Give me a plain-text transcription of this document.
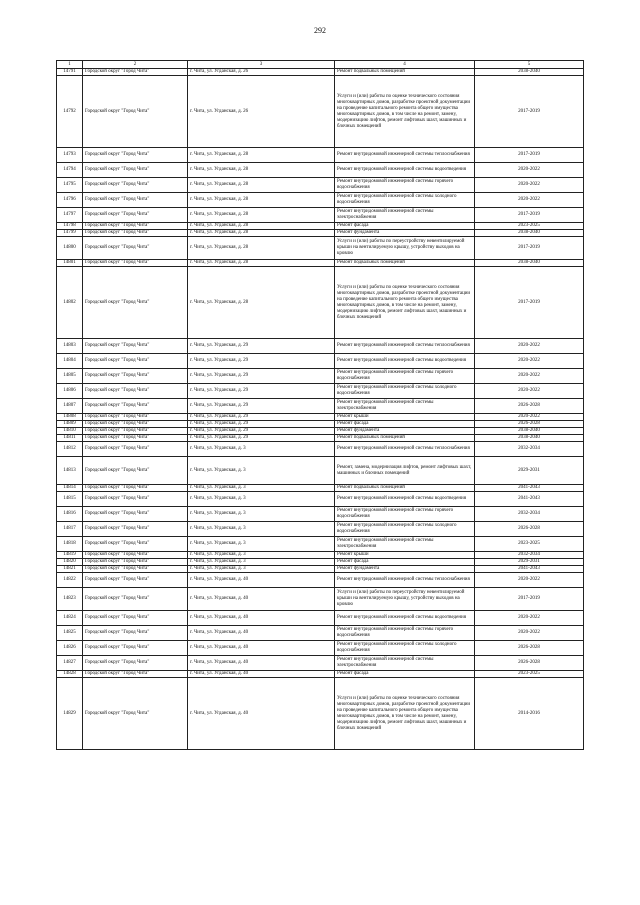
292
1	2	3	4	5
14791	Городской округ "Город Чита"	г. Чита, ул. Угданская, д. 26	Ремонт подвальных помещений	2038-2040
14792	Городской округ "Город Чита"	г. Чита, ул. Угданская, д. 26	Услуги и (или) работы по оценке технического состояния многоквартирных домов, разработке проектной документации на проведение капитального ремонта общего имущества многоквартирных домов, в том числе на ремонт, замену, модернизацию лифтов, ремонт лифтовых шахт, машинных и блочных помещений	2017-2019
14793	Городской округ "Город Чита"	г. Чита, ул. Угданская, д. 28	Ремонт внутридомовой инженерной системы теплоснабжения	2017-2019
14794	Городской округ "Город Чита"	г. Чита, ул. Угданская, д. 28	Ремонт внутридомовой инженерной системы водоотведения	2020-2022
14795	Городской округ "Город Чита"	г. Чита, ул. Угданская, д. 28	Ремонт внутридомовой инженерной системы горячего водоснабжения	2020-2022
14796	Городской округ "Город Чита"	г. Чита, ул. Угданская, д. 28	Ремонт внутридомовой инженерной системы холодного водоснабжения	2020-2022
14797	Городской округ "Город Чита"	г. Чита, ул. Угданская, д. 28	Ремонт внутридомовой инженерной системы электроснабжения	2017-2019
14798	Городской округ "Город Чита"	г. Чита, ул. Угданская, д. 28	Ремонт фасада	2023-2025
14799	Городской округ "Город Чита"	г. Чита, ул. Угданская, д. 28	Ремонт фундамента	2038-2040
14800	Городской округ "Город Чита"	г. Чита, ул. Угданская, д. 28	Услуги и (или) работы по переустройству невентилируемой крыши на вентилируемую крышу, устройству выходов на кровлю	2017-2019
14801	Городской округ "Город Чита"	г. Чита, ул. Угданская, д. 28	Ремонт подвальных помещений	2038-2040
14802	Городской округ "Город Чита"	г. Чита, ул. Угданская, д. 28	Услуги и (или) работы по оценке технического состояния многоквартирных домов, разработке проектной документации на проведение капитального ремонта общего имущества многоквартирных домов, в том числе на ремонт, замену, модернизацию лифтов, ремонт лифтовых шахт, машинных и блочных помещений	2017-2019
14803	Городской округ "Город Чита"	г. Чита, ул. Угданская, д. 29	Ремонт внутридомовой инженерной системы теплоснабжения	2020-2022
14804	Городской округ "Город Чита"	г. Чита, ул. Угданская, д. 29	Ремонт внутридомовой инженерной системы водоотведения	2020-2022
14805	Городской округ "Город Чита"	г. Чита, ул. Угданская, д. 29	Ремонт внутридомовой инженерной системы горячего водоснабжения	2020-2022
14806	Городской округ "Город Чита"	г. Чита, ул. Угданская, д. 29	Ремонт внутридомовой инженерной системы холодного водоснабжения	2020-2022
14807	Городской округ "Город Чита"	г. Чита, ул. Угданская, д. 29	Ремонт внутридомовой инженерной системы электроснабжения	2026-2028
14808	Городской округ "Город Чита"	г. Чита, ул. Угданская, д. 29	Ремонт крыши	2020-2022
14809	Городской округ "Город Чита"	г. Чита, ул. Угданская, д. 29	Ремонт фасада	2026-2028
14810	Городской округ "Город Чита"	г. Чита, ул. Угданская, д. 29	Ремонт фундамента	2038-2040
14811	Городской округ "Город Чита"	г. Чита, ул. Угданская, д. 29	Ремонт подвальных помещений	2038-2040
14812	Городской округ "Город Чита"	г. Чита, ул. Угданская, д. 3	Ремонт внутридомовой инженерной системы теплоснабжения	2032-2034
14813	Городской округ "Город Чита"	г. Чита, ул. Угданская, д. 3	Ремонт, замена, модернизация лифтов, ремонт лифтовых шахт, машинных и блочных помещений	2029-2031
14814	Городской округ "Город Чита"	г. Чита, ул. Угданская, д. 3	Ремонт подвальных помещений	2041-2043
14815	Городской округ "Город Чита"	г. Чита, ул. Угданская, д. 3	Ремонт внутридомовой инженерной системы водоотведения	2041-2043
14816	Городской округ "Город Чита"	г. Чита, ул. Угданская, д. 3	Ремонт внутридомовой инженерной системы горячего водоснабжения	2032-2034
14817	Городской округ "Город Чита"	г. Чита, ул. Угданская, д. 3	Ремонт внутридомовой инженерной системы холодного водоснабжения	2026-2028
14818	Городской округ "Город Чита"	г. Чита, ул. Угданская, д. 3	Ремонт внутридомовой инженерной системы электроснабжения	2023-2025
14819	Городской округ "Город Чита"	г. Чита, ул. Угданская, д. 3	Ремонт крыши	2032-2034
14820	Городской округ "Город Чита"	г. Чита, ул. Угданская, д. 3	Ремонт фасада	2029-2031
14821	Городской округ "Город Чита"	г. Чита, ул. Угданская, д. 3	Ремонт фундамента	2041-2043
14822	Городской округ "Город Чита"	г. Чита, ул. Угданская, д. 40	Ремонт внутридомовой инженерной системы теплоснабжения	2020-2022
14823	Городской округ "Город Чита"	г. Чита, ул. Угданская, д. 40	Услуги и (или) работы по переустройству невентилируемой крыши на вентилируемую крышу, устройству выходов на кровлю	2017-2019
14824	Городской округ "Город Чита"	г. Чита, ул. Угданская, д. 40	Ремонт внутридомовой инженерной системы водоотведения	2020-2022
14825	Городской округ "Город Чита"	г. Чита, ул. Угданская, д. 40	Ремонт внутридомовой инженерной системы горячего водоснабжения	2020-2022
14826	Городской округ "Город Чита"	г. Чита, ул. Угданская, д. 40	Ремонт внутридомовой инженерной системы холодного водоснабжения	2026-2028
14827	Городской округ "Город Чита"	г. Чита, ул. Угданская, д. 40	Ремонт внутридомовой инженерной системы электроснабжения	2026-2028
14828	Городской округ "Город Чита"	г. Чита, ул. Угданская, д. 40	Ремонт фасада	2023-2025
14829	Городской округ "Город Чита"	г. Чита, ул. Угданская, д. 40	Услуги и (или) работы по оценке технического состояния многоквартирных домов, разработке проектной документации на проведение капитального ремонта общего имущества многоквартирных домов, в том числе на ремонт, замену, модернизацию лифтов, ремонт лифтовых шахт, машинных и блочных помещений	2014-2016
